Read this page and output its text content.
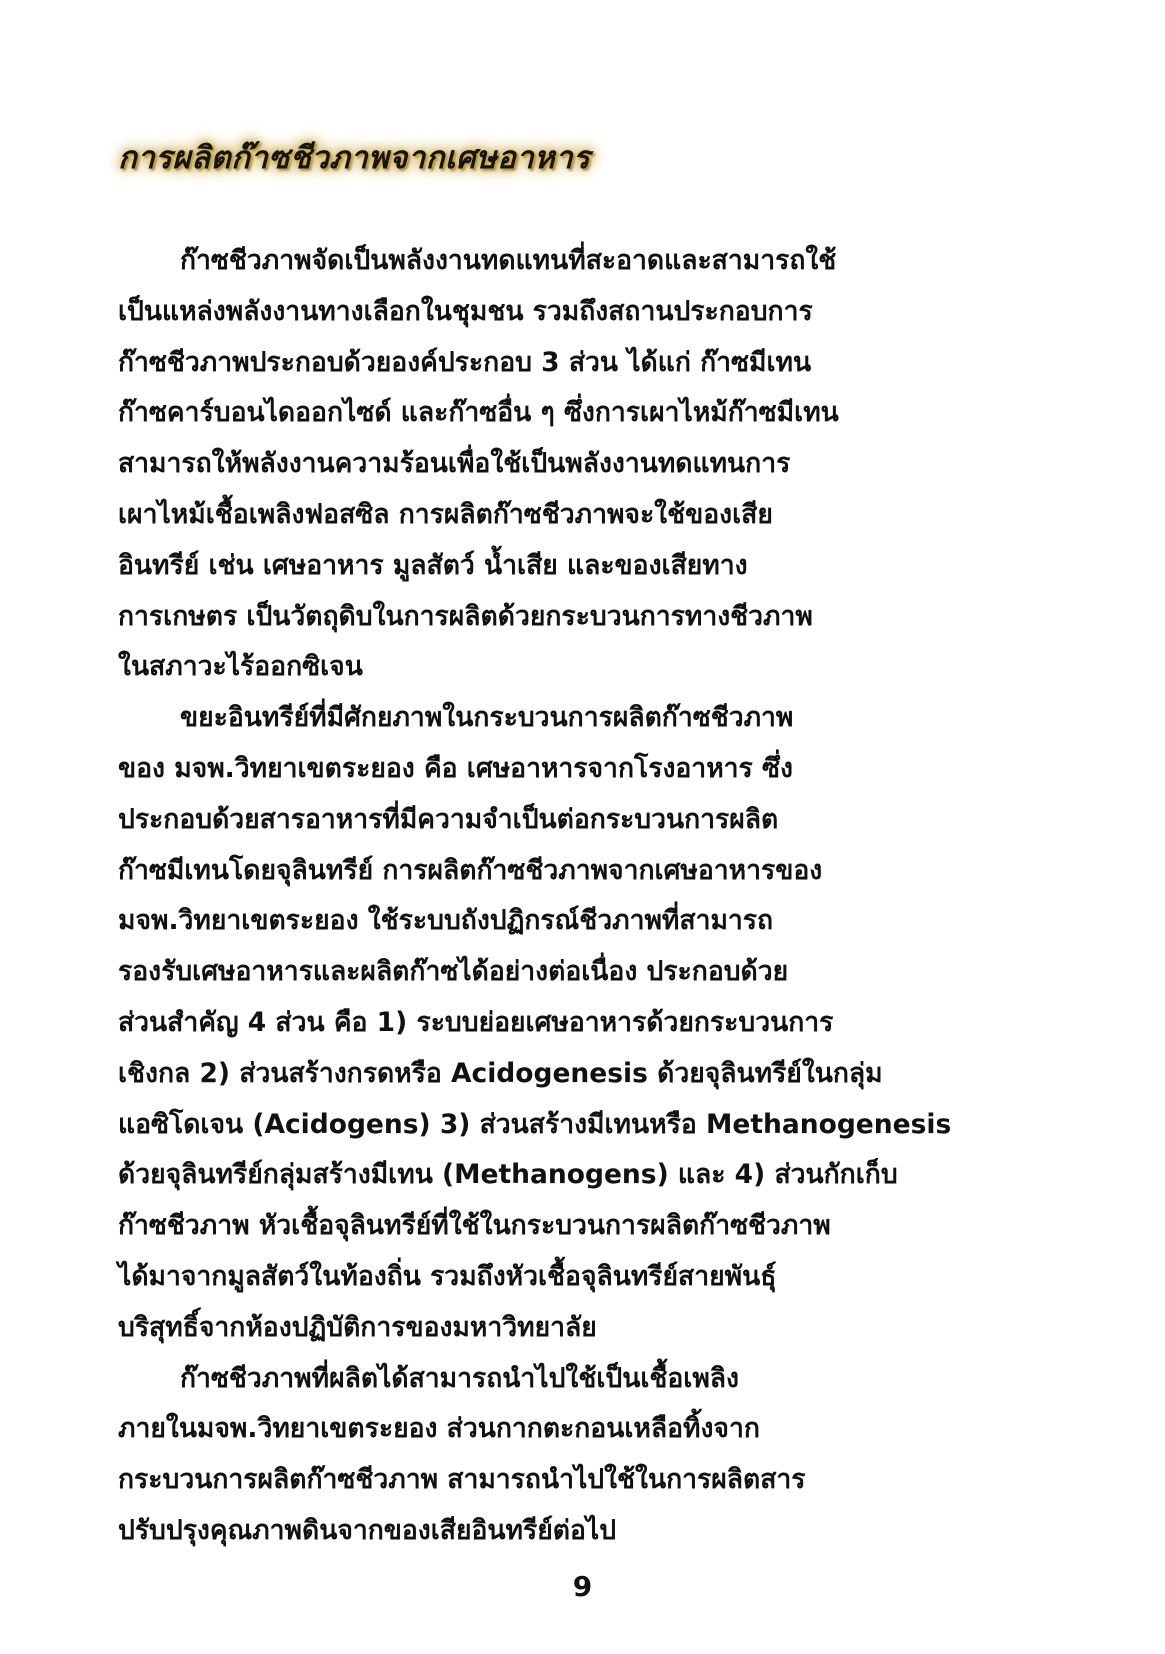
การผลิตก๊าซชีวภาพจากเศษอาหาร
ก๊าซชีวภาพจัดเป็นพลังงานทดแทนที่สะอาดและสามารถใช้
เป็นแหล่งพลังงานทางเลือกในชุมชน รวมถึงสถานประกอบการ
ก๊าซชีวภาพประกอบด้วยองค์ประกอบ 3 ส่วน ได้แก่ ก๊าซมีเทน
ก๊าซคาร์บอนไดออกไซด์ และก๊าซอื่น ๆ ซึ่งการเผาไหม้ก๊าซมีเทน
สามารถให้พลังงานความร้อนเพื่อใช้เป็นพลังงานทดแทนการ
เผาไหม้เชื้อเพลิงฟอสซิล การผลิตก๊าซชีวภาพจะใช้ของเสีย
อินทรีย์ เช่น เศษอาหาร มูลสัตว์ น้ำเสีย และของเสียทาง
การเกษตร เป็นวัตถุดิบในการผลิตด้วยกระบวนการทางชีวภาพ
ในสภาวะไร้ออกซิเจน
ขยะอินทรีย์ที่มีศักยภาพในกระบวนการผลิตก๊าซชีวภาพ
ของ มจพ.วิทยาเขตระยอง คือ เศษอาหารจากโรงอาหาร ซึ่ง
ประกอบด้วยสารอาหารที่มีความจำเป็นต่อกระบวนการผลิต
ก๊าซมีเทนโดยจุลินทรีย์ การผลิตก๊าซชีวภาพจากเศษอาหารของ
มจพ.วิทยาเขตระยอง ใช้ระบบถังปฏิกรณ์ชีวภาพที่สามารถ
รองรับเศษอาหารและผลิตก๊าซได้อย่างต่อเนื่อง ประกอบด้วย
ส่วนสำคัญ 4 ส่วน คือ 1) ระบบย่อยเศษอาหารด้วยกระบวนการ
เชิงกล 2) ส่วนสร้างกรดหรือ Acidogenesis ด้วยจุลินทรีย์ในกลุ่ม
แอซิโดเจน (Acidogens) 3) ส่วนสร้างมีเทนหรือ Methanogenesis
ด้วยจุลินทรีย์กลุ่มสร้างมีเทน (Methanogens) และ 4) ส่วนกักเก็บ
ก๊าซชีวภาพ หัวเชื้อจุลินทรีย์ที่ใช้ในกระบวนการผลิตก๊าซชีวภาพ
ได้มาจากมูลสัตว์ในท้องถิ่น รวมถึงหัวเชื้อจุลินทรีย์สายพันธุ์
บริสุทธิ์จากห้องปฏิบัติการของมหาวิทยาลัย
ก๊าซชีวภาพที่ผลิตได้สามารถนำไปใช้เป็นเชื้อเพลิง
ภายในมจพ.วิทยาเขตระยอง ส่วนกากตะกอนเหลือทิ้งจาก
กระบวนการผลิตก๊าซชีวภาพ สามารถนำไปใช้ในการผลิตสาร
ปรับปรุงคุณภาพดินจากของเสียอินทรีย์ต่อไป
9
